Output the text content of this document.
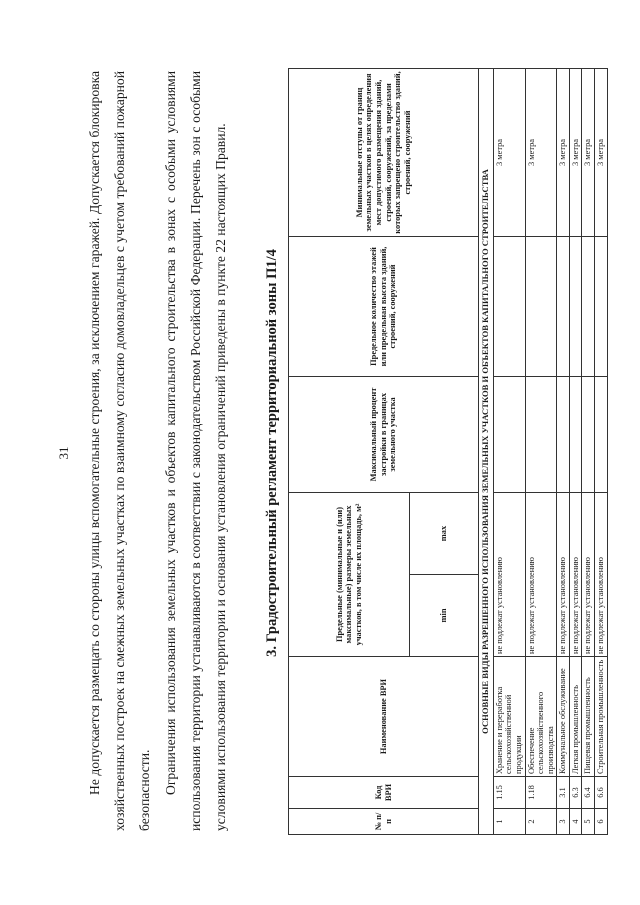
31	Не допускается размещать со стороны улицы вспомогательные строения, за исключением гаражей. Допускается блокировка хозяйственных построек на смежных земельных участках по взаимному согласию домовладельцев с учетом требований пожарной безопасности. Ограничения использования земельных участков и объектов капитального строительства в зонах с особыми условиями использования территории устанавливаются в соответствии с законодательством Российской Федерации. Перечень зон с особыми условиями использования территории и основания установления ограничений приведены в пункте 22 настоящих Правил.	3. Градостроительный регламент территориальной зоны П1/4
№ п/п	Код ВРИ	Наименование ВРИ	Предельные (минимальные и (или) максимальные) размеры земельных участков, в том числе их площадь, м²		Максимальный процент застройки в границах земельного участка	Предельное количество этажей или предельная высота зданий, строений, сооружений	Минимальные отступы от границ земельных участков в целях определения мест допустимого размещения зданий, строений, сооружений, за пределами которых запрещено строительство зданий, строений, сооружений
			min	max			
ОСНОВНЫЕ ВИДЫ РАЗРЕШЕННОГО ИСПОЛЬЗОВАНИЯ ЗЕМЕЛЬНЫХ УЧАСТКОВ И ОБЪЕКТОВ КАПИТАЛЬНОГО СТРОИТЕЛЬСТВА							
1	1.15	Хранение и переработка сельскохозяйственной продукции	не подлежат установлению				3 метра
2	1.18	Обеспечение сельскохозяйственного производства	не подлежат установлению				3 метра
3	3.1	Коммунальное обслуживание	не подлежат установлению				3 метра
4	6.3	Легкая промышленность	не подлежат установлению				3 метра
5	6.4	Пищевая промышленность	не подлежат установлению				3 метра
6	6.6	Строительная промышленность	не подлежат установлению				3 метра
